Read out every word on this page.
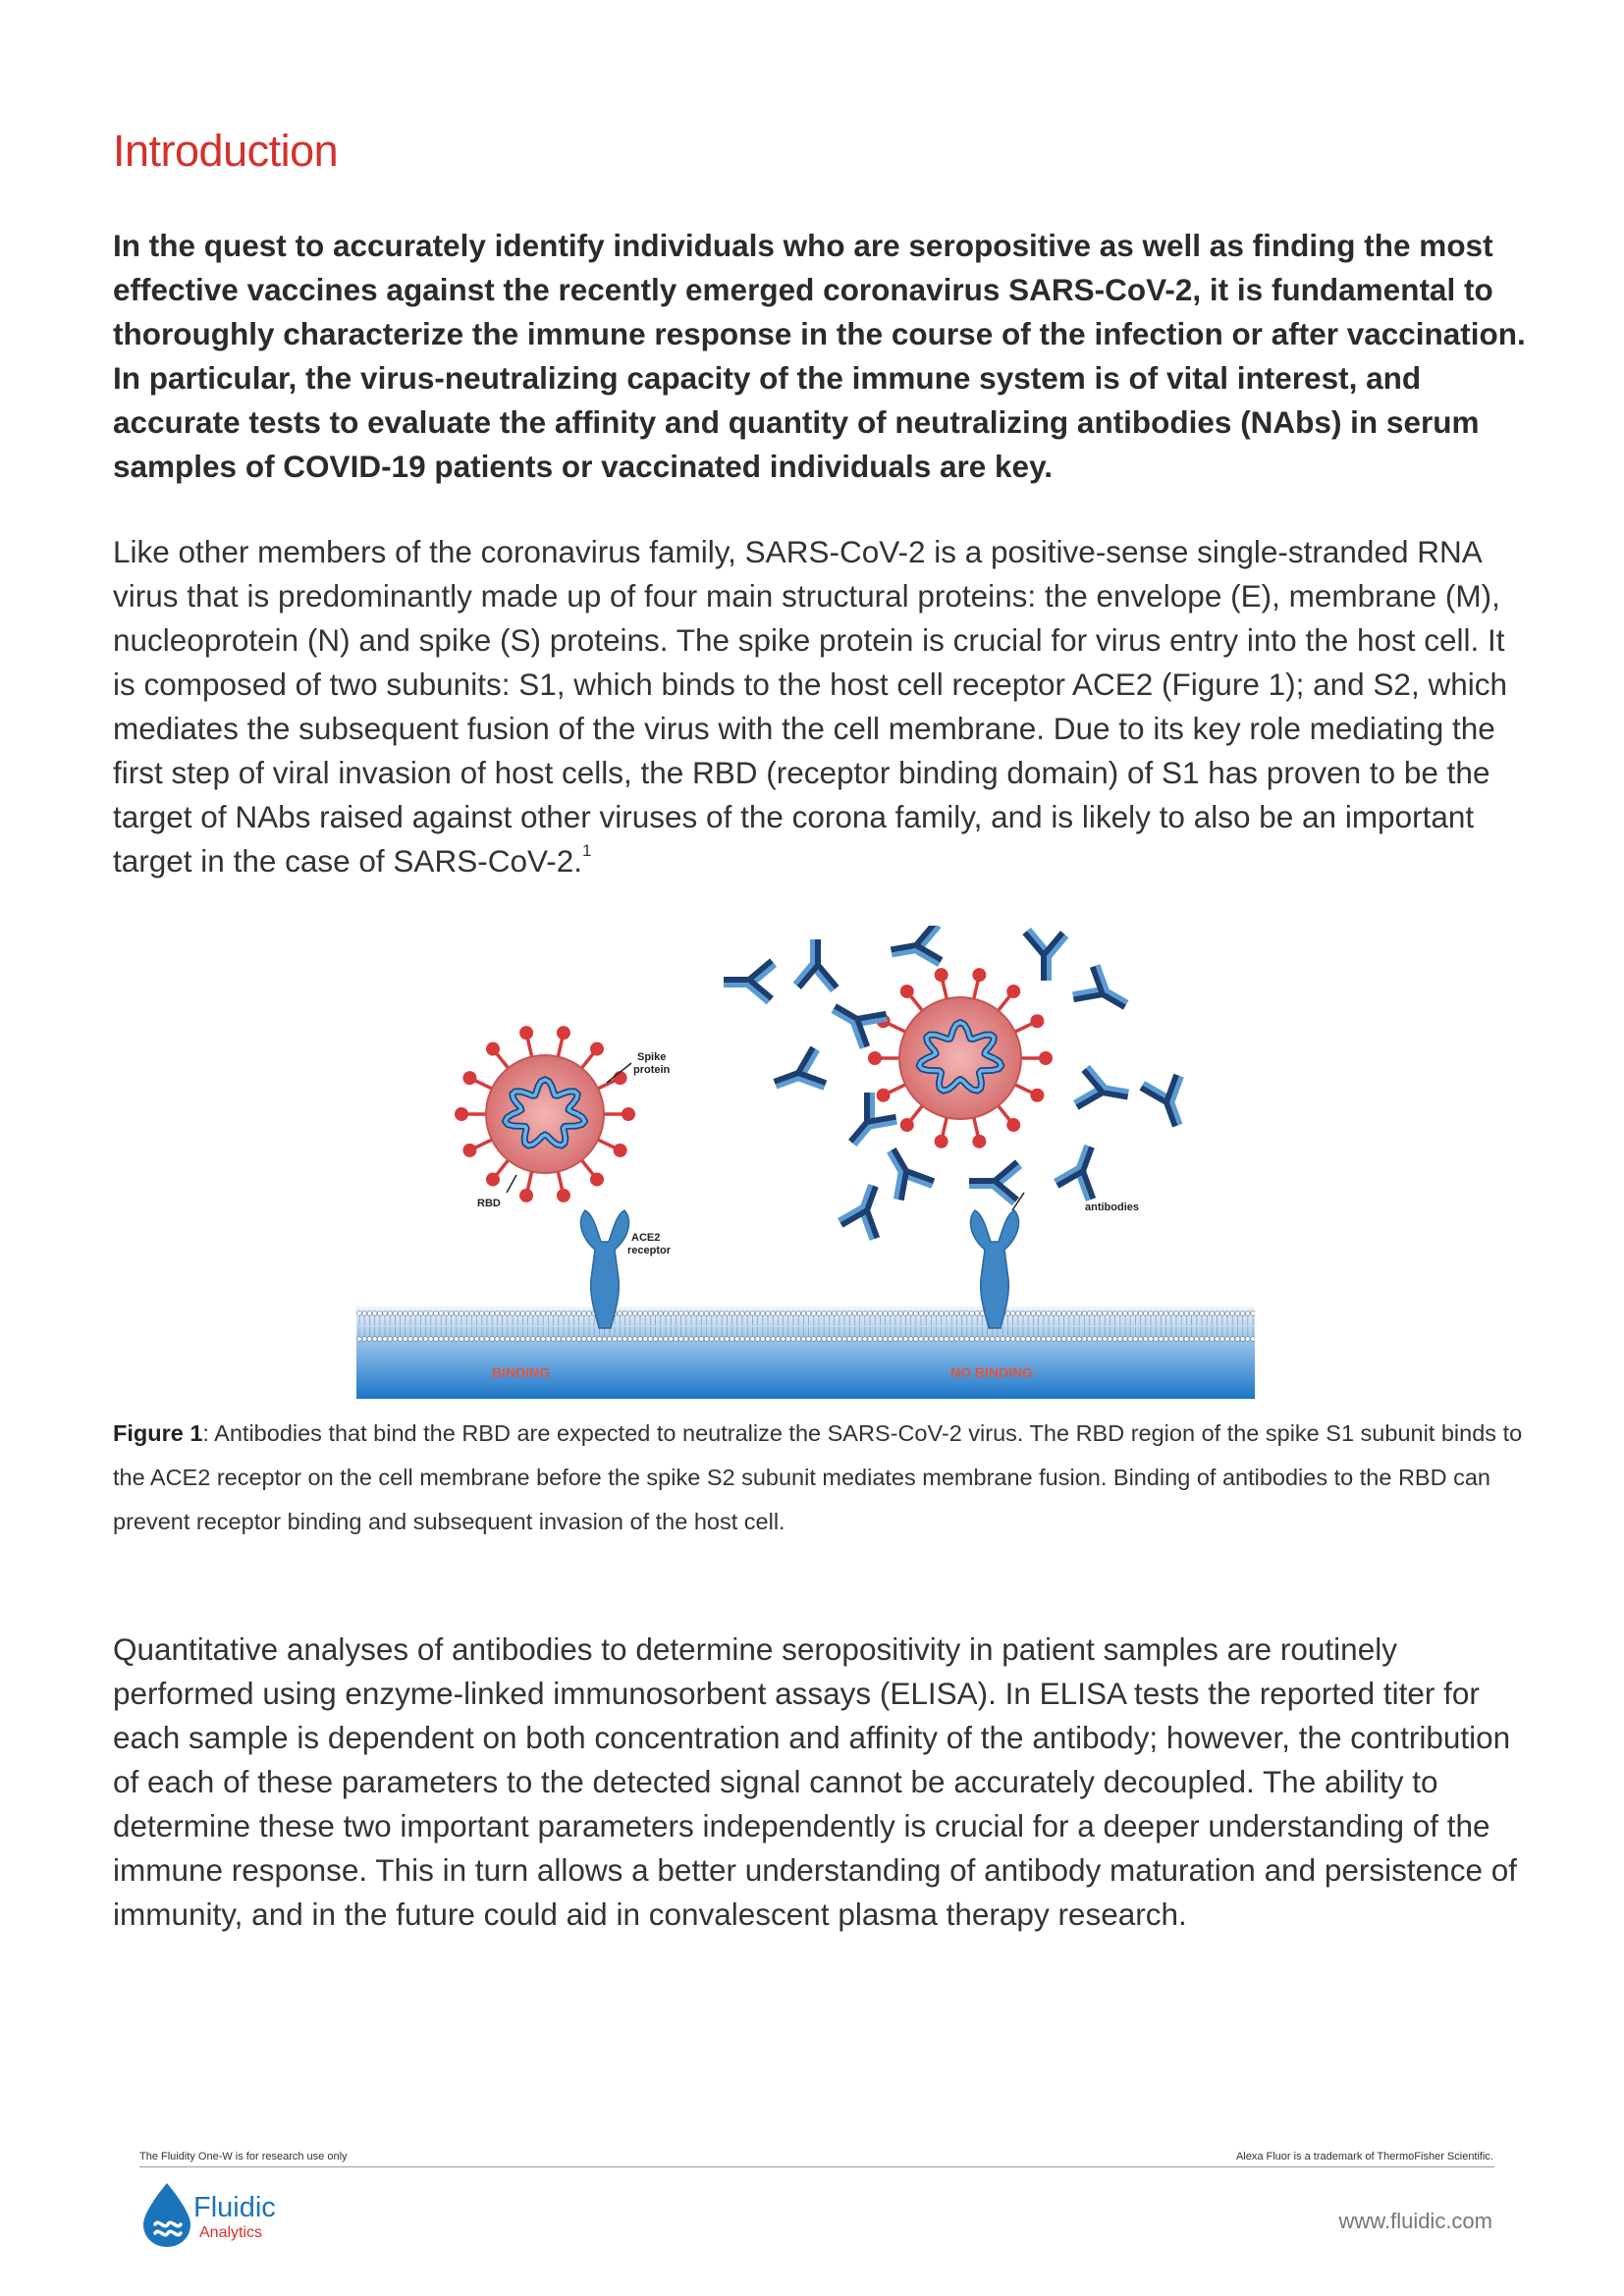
Introduction

In the quest to accurately identify individuals who are seropositive as well as finding the most effective vaccines against the recently emerged coronavirus SARS-CoV-2, it is fundamental to thoroughly characterize the immune response in the course of the infection or after vaccination. In particular, the virus-neutralizing capacity of the immune system is of vital interest, and accurate tests to evaluate the affinity and quantity of neutralizing antibodies (NAbs) in serum samples of COVID-19 patients or vaccinated individuals are key.

Like other members of the coronavirus family, SARS-CoV-2 is a positive-sense single-stranded RNA virus that is predominantly made up of four main structural proteins: the envelope (E), membrane (M), nucleoprotein (N) and spike (S) proteins. The spike protein is crucial for virus entry into the host cell. It is composed of two subunits: S1, which binds to the host cell receptor ACE2 (Figure 1); and S2, which mediates the subsequent fusion of the virus with the cell membrane. Due to its key role mediating the first step of viral invasion of host cells, the RBD (receptor binding domain) of S1 has proven to be the target of NAbs raised against other viruses of the corona family, and is likely to also be an important target in the case of SARS-CoV-2.$^1$

Spike
protein
RBD
ACE2
receptor
antibodies
BINDING	NO BINDING

Figure 1: Antibodies that bind the RBD are expected to neutralize the SARS-CoV-2 virus. The RBD region of the spike S1 subunit binds to the ACE2 receptor on the cell membrane before the spike S2 subunit mediates membrane fusion. Binding of antibodies to the RBD can prevent receptor binding and subsequent invasion of the host cell.

Quantitative analyses of antibodies to determine seropositivity in patient samples are routinely performed using enzyme-linked immunosorbent assays (ELISA). In ELISA tests the reported titer for each sample is dependent on both concentration and affinity of the antibody; however, the contribution of each of these parameters to the detected signal cannot be accurately decoupled. The ability to determine these two important parameters independently is crucial for a deeper understanding of the immune response. This in turn allows a better understanding of antibody maturation and persistence of immunity, and in the future could aid in convalescent plasma therapy research.

The Fluidity One-W is for research use only	Alexa Fluor is a trademark of ThermoFisher Scientific.
Fluidic
Analytics	www.fluidic.com
